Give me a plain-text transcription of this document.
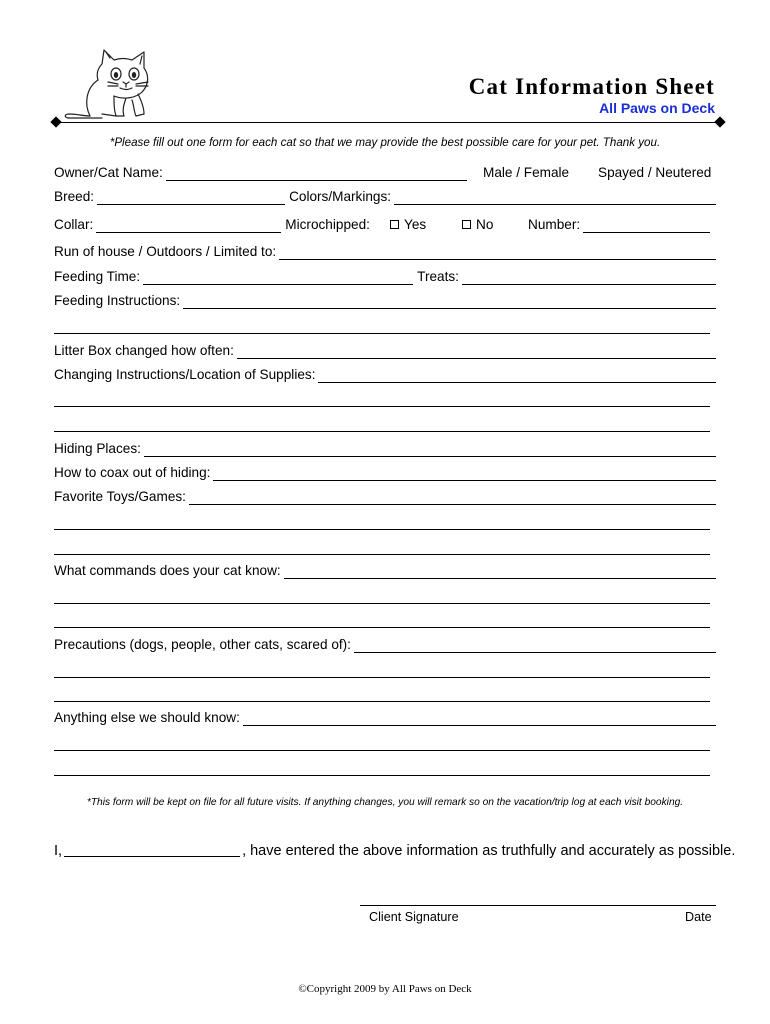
Cat Information Sheet
All Paws on Deck
*Please fill out one form for each cat so that we may provide the best possible care for your pet. Thank you.
Owner/Cat Name:	Male / Female Spayed / Neutered
Breed:	Colors/Markings:
Collar:	Microchipped:	Yes	No	Number:
Run of house / Outdoors / Limited to:
Feeding Time:	Treats:
Feeding Instructions:
Litter Box changed how often:
Changing Instructions/Location of Supplies:
Hiding Places:
How to coax out of hiding:
Favorite Toys/Games:
What commands does your cat know:
Precautions (dogs, people, other cats, scared of):
Anything else we should know:
*This form will be kept on file for all future visits. If anything changes, you will remark so on the vacation/trip log at each visit booking.
I,	, have entered the above information as truthfully and accurately as possible.
Client Signature	Date
©Copyright 2009 by All Paws on Deck
